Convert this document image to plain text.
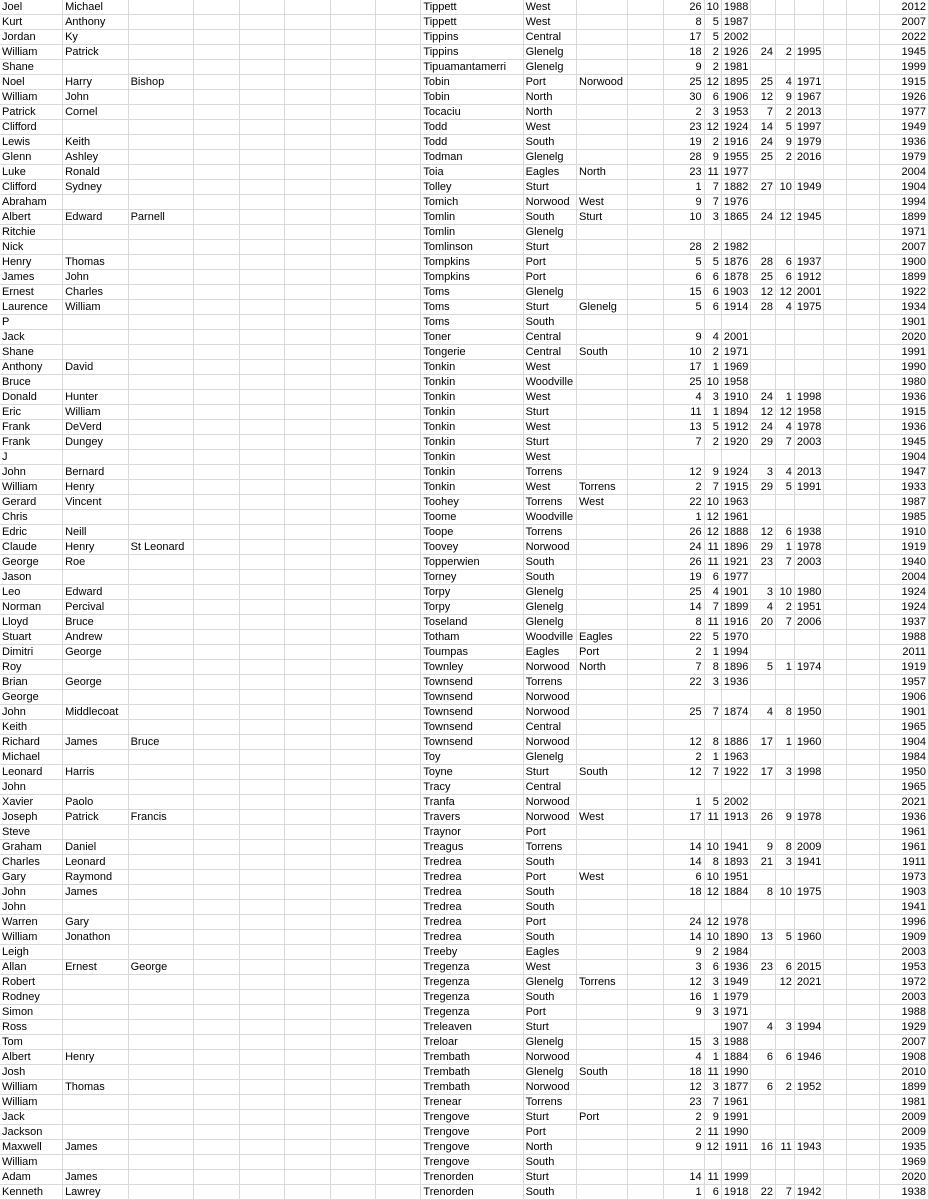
Joel	Michael							Tippett	West			26	10	1988						2012
Kurt	Anthony							Tippett	West			8	5	1987						2007
Jordan	Ky							Tippins	Central			17	5	2002						2022
William	Patrick							Tippins	Glenelg			18	2	1926	24	2	1995			1945
Shane								Tipuamantamerri	Glenelg			9	2	1981						1999
Noel	Harry	Bishop						Tobin	Port	Norwood		25	12	1895	25	4	1971			1915
William	John							Tobin	North			30	6	1906	12	9	1967			1926
Patrick	Cornel							Tocaciu	North			2	3	1953	7	2	2013			1977
Clifford								Todd	West			23	12	1924	14	5	1997			1949
Lewis	Keith							Todd	South			19	2	1916	24	9	1979			1936
Glenn	Ashley							Todman	Glenelg			28	9	1955	25	2	2016			1979
Luke	Ronald							Toia	Eagles	North		23	11	1977						2004
Clifford	Sydney							Tolley	Sturt			1	7	1882	27	10	1949			1904
Abraham								Tomich	Norwood	West		9	7	1976						1994
Albert	Edward	Parnell						Tomlin	South	Sturt		10	3	1865	24	12	1945			1899
Ritchie								Tomlin	Glenelg											1971
Nick								Tomlinson	Sturt			28	2	1982						2007
Henry	Thomas							Tompkins	Port			5	5	1876	28	6	1937			1900
James	John							Tompkins	Port			6	6	1878	25	6	1912			1899
Ernest	Charles							Toms	Glenelg			15	6	1903	12	12	2001			1922
Laurence	William							Toms	Sturt	Glenelg		5	6	1914	28	4	1975			1934
P								Toms	South											1901
Jack								Toner	Central			9	4	2001						2020
Shane								Tongerie	Central	South		10	2	1971						1991
Anthony	David							Tonkin	West			17	1	1969						1990
Bruce								Tonkin	Woodville			25	10	1958						1980
Donald	Hunter							Tonkin	West			4	3	1910	24	1	1998			1936
Eric	William							Tonkin	Sturt			11	1	1894	12	12	1958			1915
Frank	DeVerd							Tonkin	West			13	5	1912	24	4	1978			1936
Frank	Dungey							Tonkin	Sturt			7	2	1920	29	7	2003			1945
J								Tonkin	West											1904
John	Bernard							Tonkin	Torrens			12	9	1924	3	4	2013			1947
William	Henry							Tonkin	West	Torrens		2	7	1915	29	5	1991			1933
Gerard	Vincent							Toohey	Torrens	West		22	10	1963						1987
Chris								Toome	Woodville			1	12	1961						1985
Edric	Neill							Toope	Torrens			26	12	1888	12	6	1938			1910
Claude	Henry	St Leonard						Toovey	Norwood			24	11	1896	29	1	1978			1919
George	Roe							Topperwien	South			26	11	1921	23	7	2003			1940
Jason								Torney	South			19	6	1977						2004
Leo	Edward							Torpy	Glenelg			25	4	1901	3	10	1980			1924
Norman	Percival							Torpy	Glenelg			14	7	1899	4	2	1951			1924
Lloyd	Bruce							Toseland	Glenelg			8	11	1916	20	7	2006			1937
Stuart	Andrew							Totham	Woodville	Eagles		22	5	1970						1988
Dimitri	George							Toumpas	Eagles	Port		2	1	1994						2011
Roy								Townley	Norwood	North		7	8	1896	5	1	1974			1919
Brian	George							Townsend	Torrens			22	3	1936						1957
George								Townsend	Norwood											1906
John	Middlecoat							Townsend	Norwood			25	7	1874	4	8	1950			1901
Keith								Townsend	Central											1965
Richard	James	Bruce						Townsend	Norwood			12	8	1886	17	1	1960			1904
Michael								Toy	Glenelg			2	1	1963						1984
Leonard	Harris							Toyne	Sturt	South		12	7	1922	17	3	1998			1950
John								Tracy	Central											1965
Xavier	Paolo							Tranfa	Norwood			1	5	2002						2021
Joseph	Patrick	Francis						Travers	Norwood	West		17	11	1913	26	9	1978			1936
Steve								Traynor	Port											1961
Graham	Daniel							Treagus	Torrens			14	10	1941	9	8	2009			1961
Charles	Leonard							Tredrea	South			14	8	1893	21	3	1941			1911
Gary	Raymond							Tredrea	Port	West		6	10	1951						1973
John	James							Tredrea	South			18	12	1884	8	10	1975			1903
John								Tredrea	South											1941
Warren	Gary							Tredrea	Port			24	12	1978						1996
William	Jonathon							Tredrea	South			14	10	1890	13	5	1960			1909
Leigh								Treeby	Eagles			9	2	1984						2003
Allan	Ernest	George						Tregenza	West			3	6	1936	23	6	2015			1953
Robert								Tregenza	Glenelg	Torrens		12	3	1949		12	2021			1972
Rodney								Tregenza	South			16	1	1979						2003
Simon								Tregenza	Port			9	3	1971						1988
Ross								Treleaven	Sturt					1907	4	3	1994			1929
Tom								Treloar	Glenelg			15	3	1988						2007
Albert	Henry							Trembath	Norwood			4	1	1884	6	6	1946			1908
Josh								Trembath	Glenelg	South		18	11	1990						2010
William	Thomas							Trembath	Norwood			12	3	1877	6	2	1952			1899
William								Trenear	Torrens			23	7	1961						1981
Jack								Trengove	Sturt	Port		2	9	1991						2009
Jackson								Trengove	Port			2	11	1990						2009
Maxwell	James							Trengove	North			9	12	1911	16	11	1943			1935
William								Trengove	South											1969
Adam	James							Trenorden	Sturt			14	11	1999						2020
Kenneth	Lawrey							Trenorden	South			1	6	1918	22	7	1942			1938
